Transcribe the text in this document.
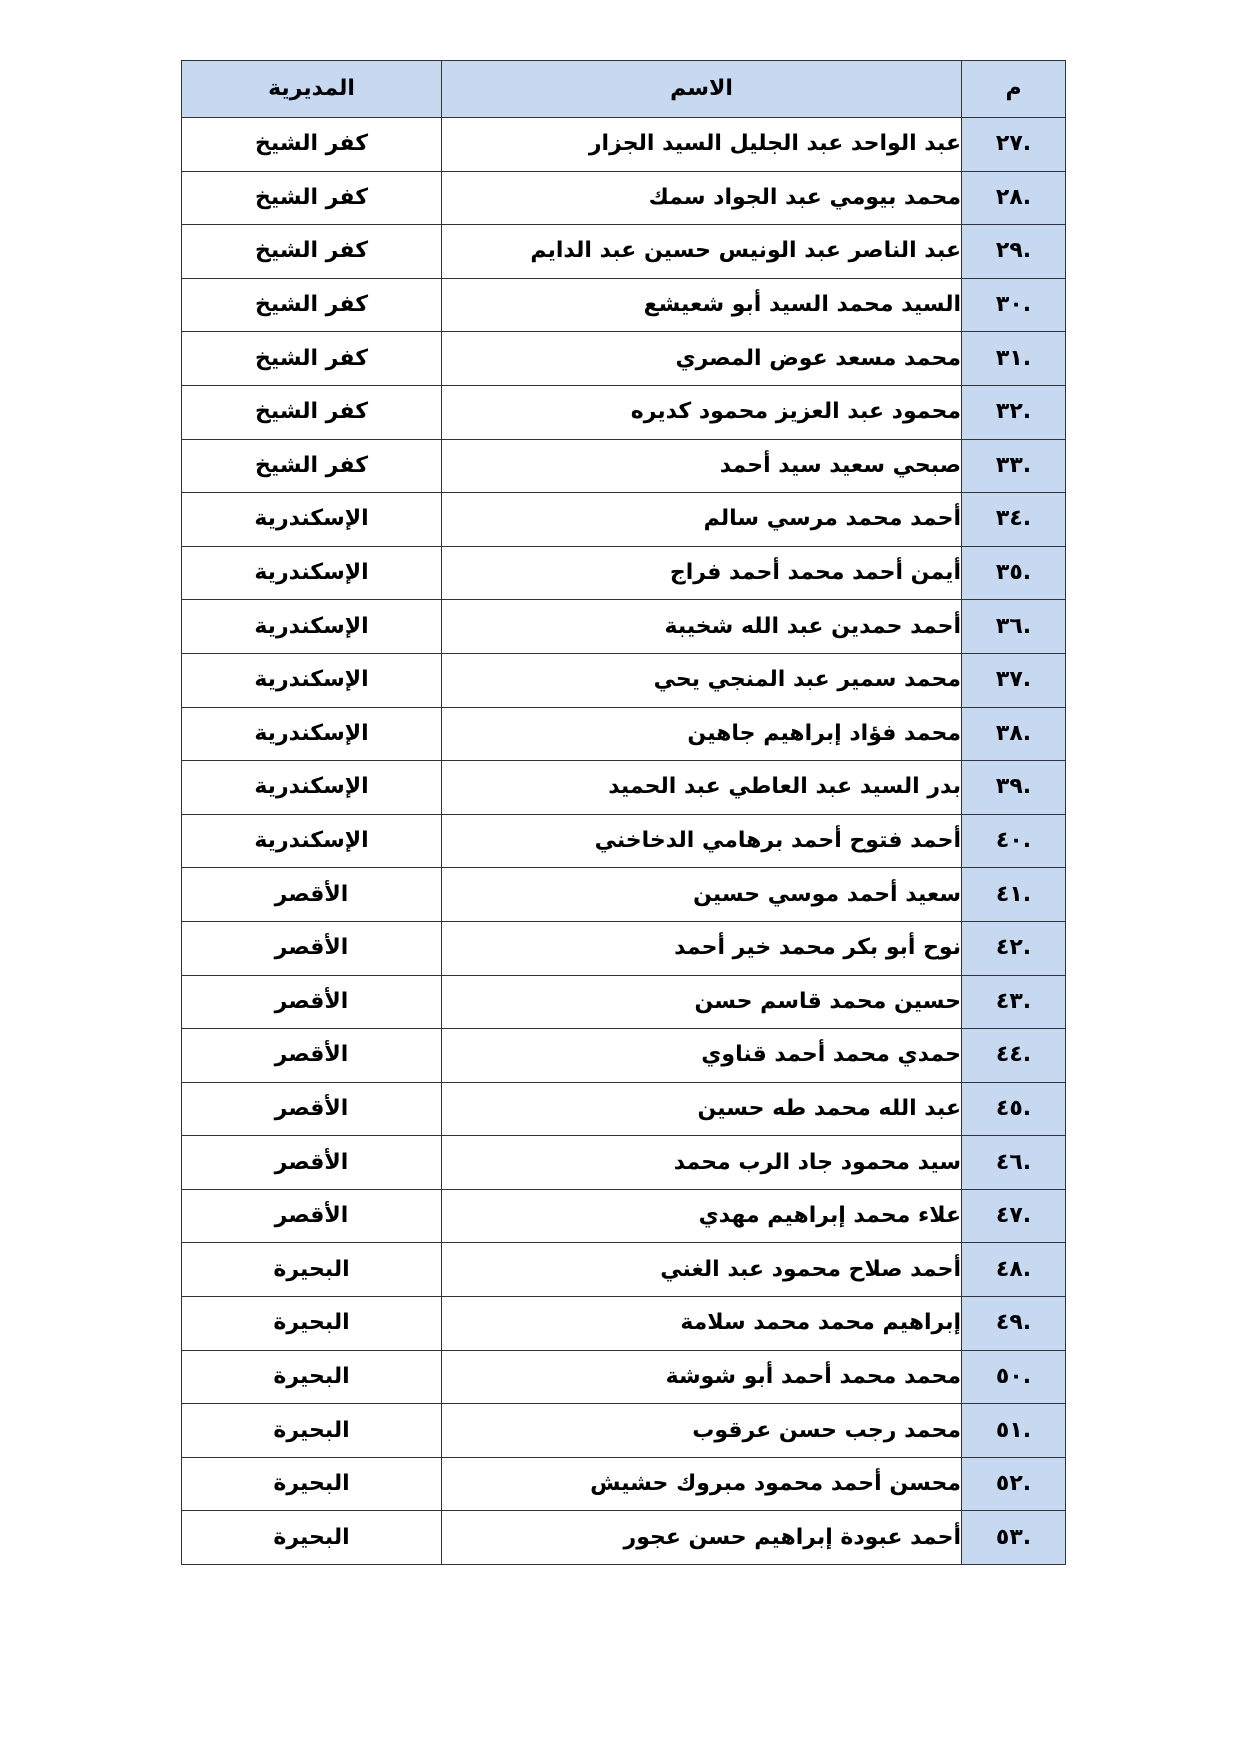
م	الاسم	المديرية
.٢٧	عبد الواحد عبد الجليل السيد الجزار	كفر الشيخ
.٢٨	محمد بيومي عبد الجواد سمك	كفر الشيخ
.٢٩	عبد الناصر عبد الونيس حسين عبد الدايم	كفر الشيخ
.٣٠	السيد محمد السيد أبو شعيشع	كفر الشيخ
.٣١	محمد مسعد عوض المصري	كفر الشيخ
.٣٢	محمود عبد العزيز محمود كديره	كفر الشيخ
.٣٣	صبحي سعيد سيد أحمد	كفر الشيخ
.٣٤	أحمد محمد مرسي سالم	الإسكندرية
.٣٥	أيمن أحمد محمد أحمد فراج	الإسكندرية
.٣٦	أحمد حمدين عبد الله شخيبة	الإسكندرية
.٣٧	محمد سمير عبد المنجي يحي	الإسكندرية
.٣٨	محمد فؤاد إبراهيم جاهين	الإسكندرية
.٣٩	بدر السيد عبد العاطي عبد الحميد	الإسكندرية
.٤٠	أحمد فتوح أحمد برهامي الدخاخني	الإسكندرية
.٤١	سعيد أحمد موسي حسين	الأقصر
.٤٢	نوح أبو بكر محمد خير أحمد	الأقصر
.٤٣	حسين محمد قاسم حسن	الأقصر
.٤٤	حمدي محمد أحمد قناوي	الأقصر
.٤٥	عبد الله محمد طه حسين	الأقصر
.٤٦	سيد محمود جاد الرب محمد	الأقصر
.٤٧	علاء محمد إبراهيم مهدي	الأقصر
.٤٨	أحمد صلاح محمود عبد الغني	البحيرة
.٤٩	إبراهيم محمد محمد سلامة	البحيرة
.٥٠	محمد محمد أحمد أبو شوشة	البحيرة
.٥١	محمد رجب حسن عرقوب	البحيرة
.٥٢	محسن أحمد محمود مبروك حشيش	البحيرة
.٥٣	أحمد عبودة إبراهيم حسن عجور	البحيرة
